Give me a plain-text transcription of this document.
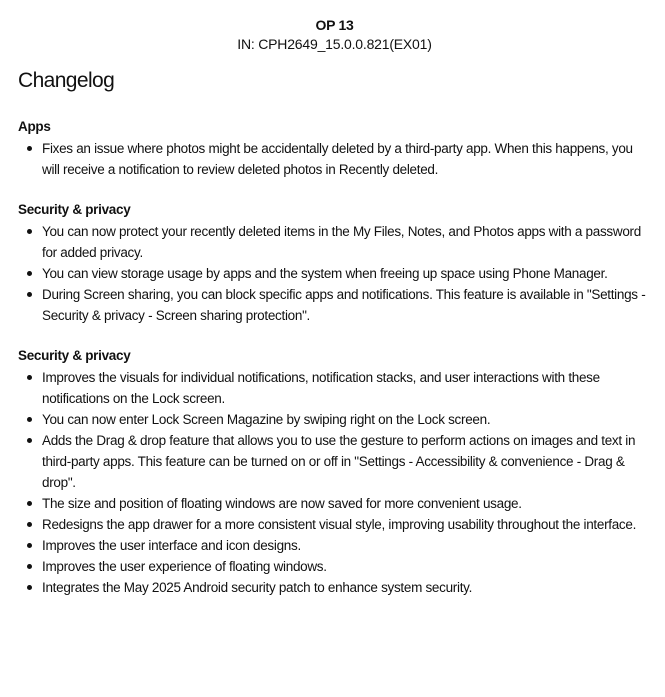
OP 13
IN: CPH2649_15.0.0.821(EX01)
Changelog
Apps
Fixes an issue where photos might be accidentally deleted by a third-party app. When this happens, you will receive a notification to review deleted photos in Recently deleted.
Security & privacy
You can now protect your recently deleted items in the My Files, Notes, and Photos apps with a password for added privacy.
You can view storage usage by apps and the system when freeing up space using Phone Manager.
During Screen sharing, you can block specific apps and notifications. This feature is available in "Settings - Security & privacy - Screen sharing protection".
Security & privacy
Improves the visuals for individual notifications, notification stacks, and user interactions with these notifications on the Lock screen.
You can now enter Lock Screen Magazine by swiping right on the Lock screen.
Adds the Drag & drop feature that allows you to use the gesture to perform actions on images and text in third-party apps. This feature can be turned on or off in "Settings - Accessibility & convenience - Drag & drop".
The size and position of floating windows are now saved for more convenient usage.
Redesigns the app drawer for a more consistent visual style, improving usability throughout the interface.
Improves the user interface and icon designs.
Improves the user experience of floating windows.
Integrates the May 2025 Android security patch to enhance system security.
